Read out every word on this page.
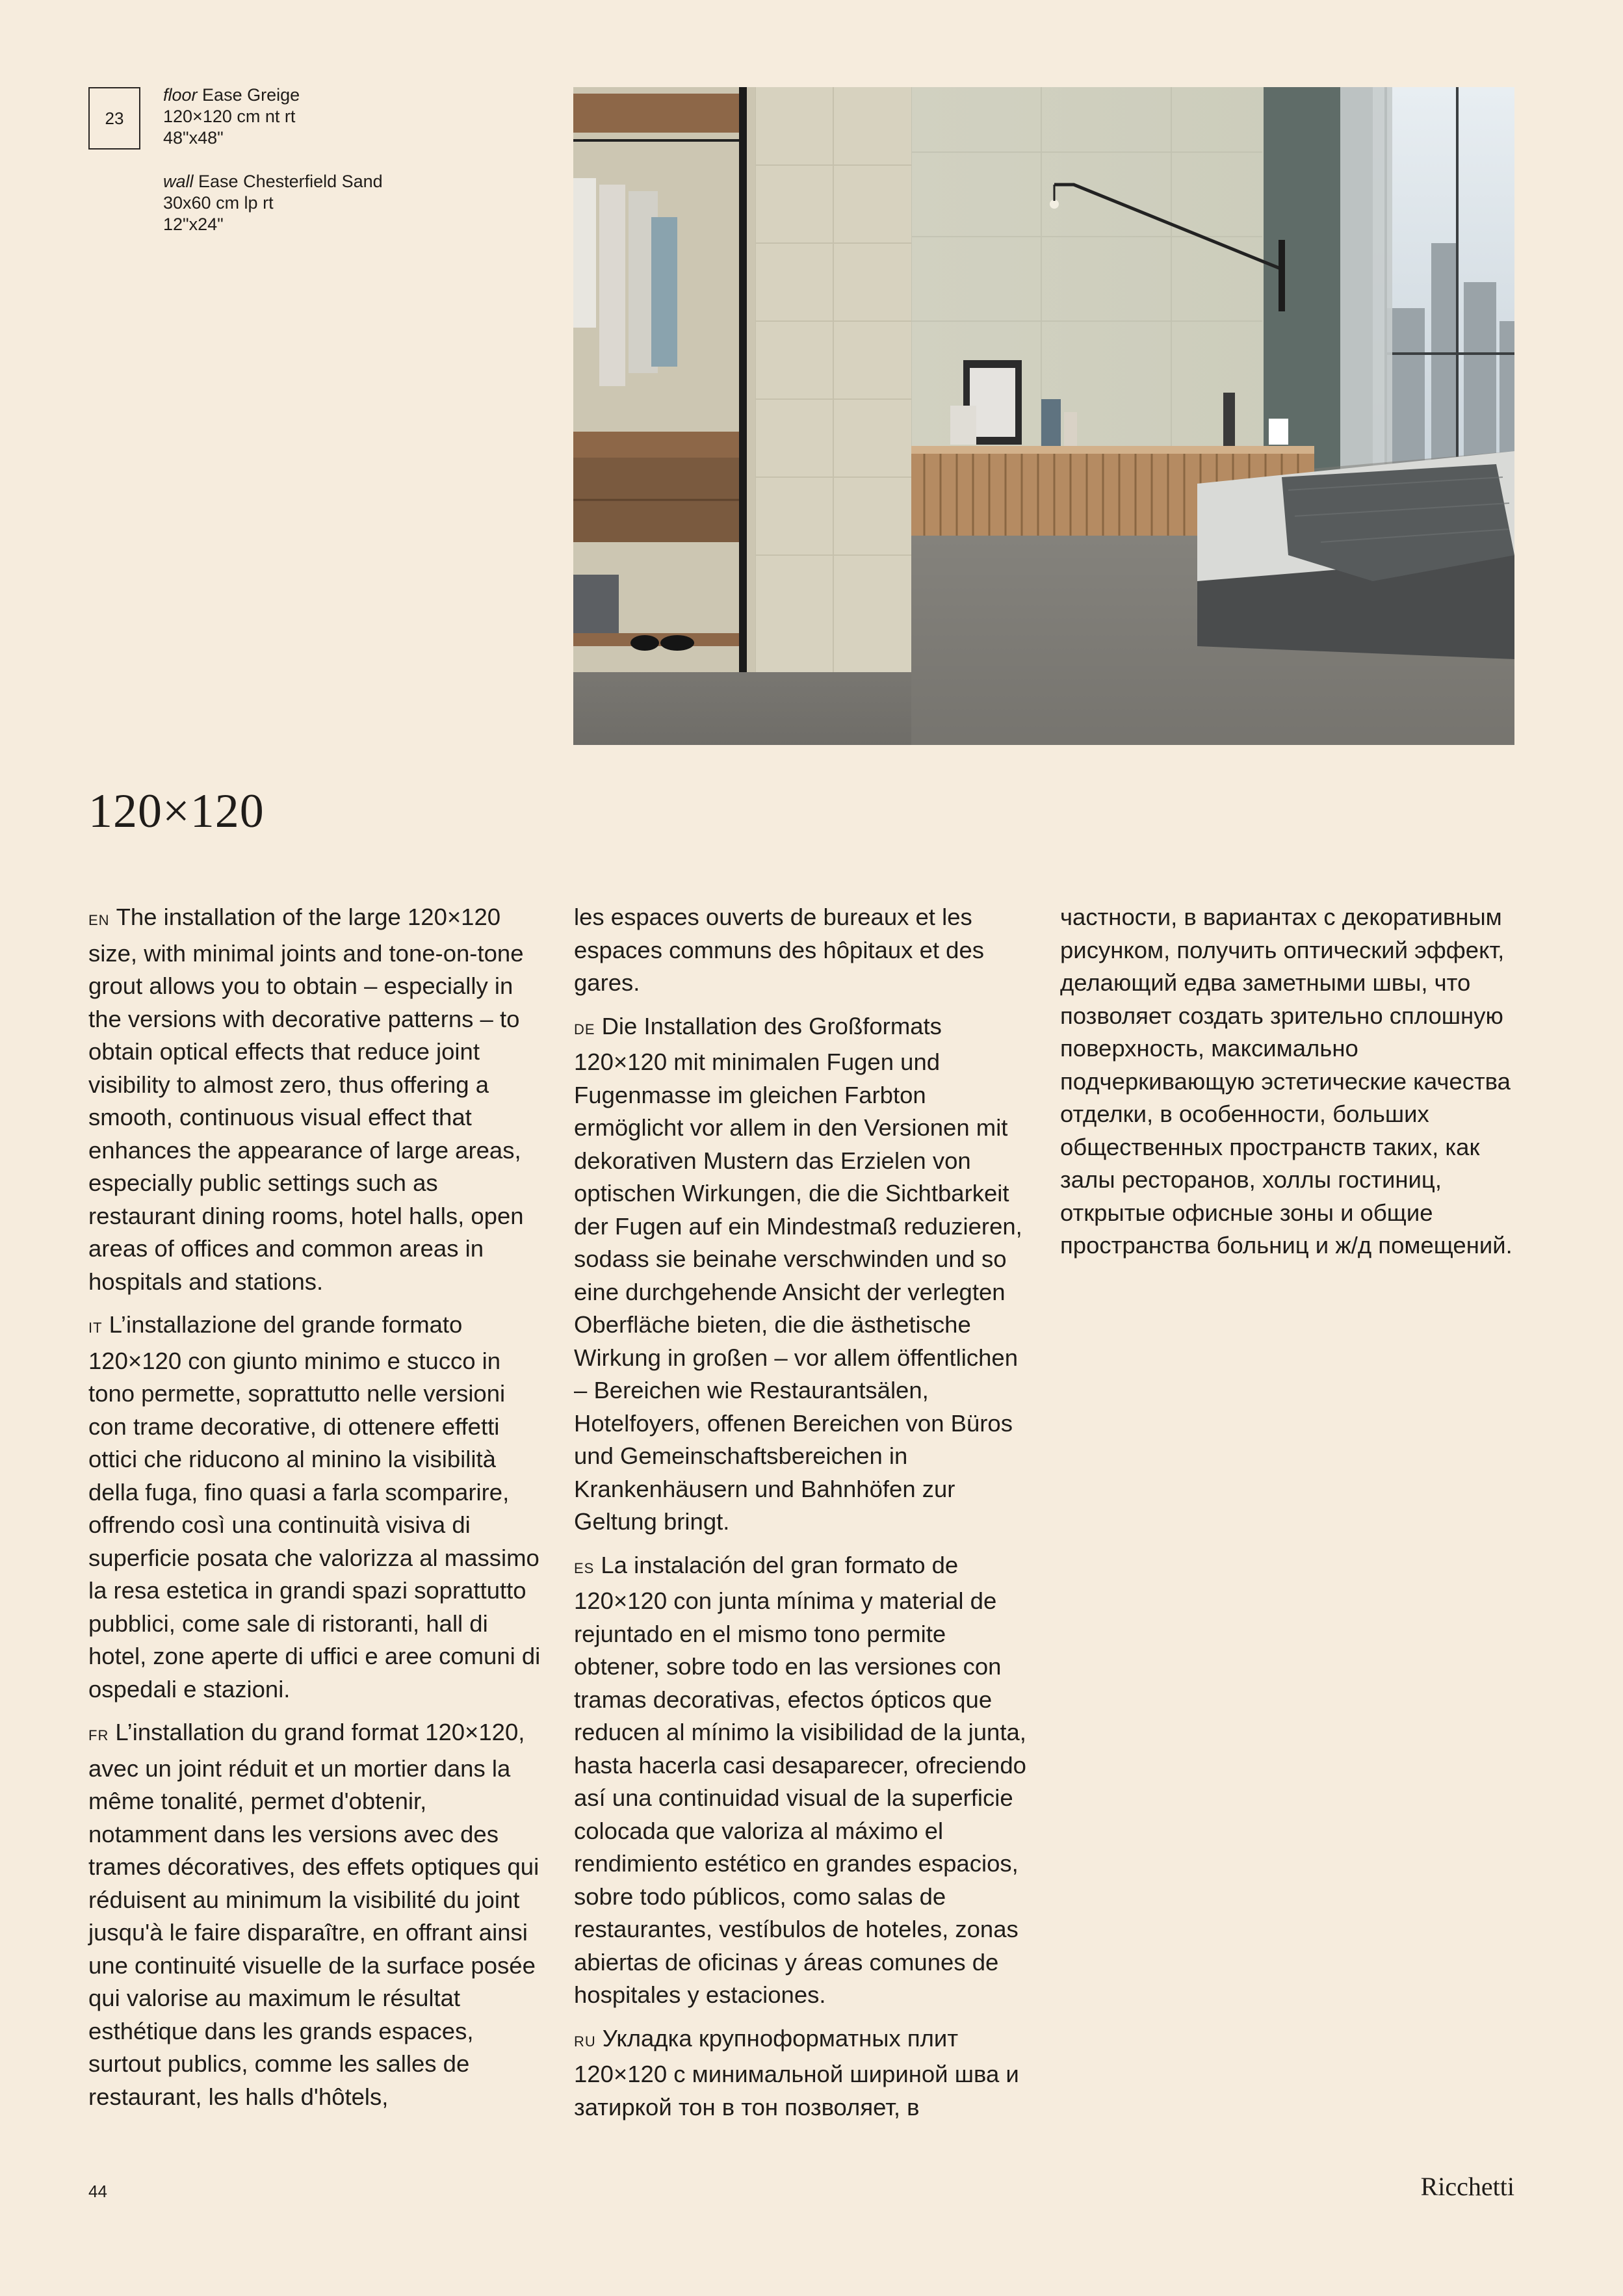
23
floor Ease Greige
120×120 cm nt rt
48"x48"
wall Ease Chesterfield Sand
30x60 cm lp rt
12"x24"
120×120

EN The installation of the large 120×120 size, with minimal joints and tone-on-tone grout allows you to obtain – especially in the versions with decorative patterns – to obtain optical effects that reduce joint visibility to almost zero, thus offering a smooth, continuous visual effect that enhances the appearance of large areas, especially public settings such as restaurant dining rooms, hotel halls, open areas of offices and common areas in hospitals and stations.

IT L’installazione del grande formato 120×120 con giunto minimo e stucco in tono permette, soprattutto nelle versioni con trame decorative, di ottenere effetti ottici che riducono al minino la visibilità della fuga, fino quasi a farla scomparire, offrendo così una continuità visiva di superficie posata che valorizza al massimo la resa estetica in grandi spazi soprattutto pubblici, come sale di ristoranti, hall di hotel, zone aperte di uffici e aree comuni di ospedali e stazioni.

FR L’installation du grand format 120×120, avec un joint réduit et un mortier dans la même tonalité, permet d'obtenir, notamment dans les versions avec des trames décoratives, des effets optiques qui réduisent au minimum la visibilité du joint jusqu'à le faire disparaître, en offrant ainsi une continuité visuelle de la surface posée qui valorise au maximum le résultat esthétique dans les grands espaces, surtout publics, comme les salles de restaurant, les halls d'hôtels,

les espaces ouverts de bureaux et les espaces communs des hôpitaux et des gares.

DE Die Installation des Großformats 120×120 mit minimalen Fugen und Fugenmasse im gleichen Farbton ermöglicht vor allem in den Versionen mit dekorativen Mustern das Erzielen von optischen Wirkungen, die die Sichtbarkeit der Fugen auf ein Mindestmaß reduzieren, sodass sie beinahe verschwinden und so eine durchgehende Ansicht der verlegten Oberfläche bieten, die die ästhetische Wirkung in großen – vor allem öffentlichen – Bereichen wie Restaurantsälen, Hotelfoyers, offenen Bereichen von Büros und Gemeinschaftsbereichen in Krankenhäusern und Bahnhöfen zur Geltung bringt.

ES La instalación del gran formato de 120×120 con junta mínima y material de rejuntado en el mismo tono permite obtener, sobre todo en las versiones con tramas decorativas, efectos ópticos que reducen al mínimo la visibilidad de la junta, hasta hacerla casi desaparecer, ofreciendo así una continuidad visual de la superficie colocada que valoriza al máximo el rendimiento estético en grandes espacios, sobre todo públicos, como salas de restaurantes, vestíbulos de hoteles, zonas abiertas de oficinas y áreas comunes de hospitales y estaciones.

RU Укладка крупноформатных плит 120×120 с минимальной шириной шва и затиркой тон в тон позволяет, в

частности, в вариантах с декоративным рисунком, получить оптический эффект, делающий едва заметными швы, что позволяет создать зрительно сплошную поверхность, максимально подчеркивающую эстетические качества отделки, в особенности, больших общественных пространств таких, как залы ресторанов, холлы гостиниц, открытые офисные зоны и общие пространства больниц и ж/д помещений.

44	Ricchetti
